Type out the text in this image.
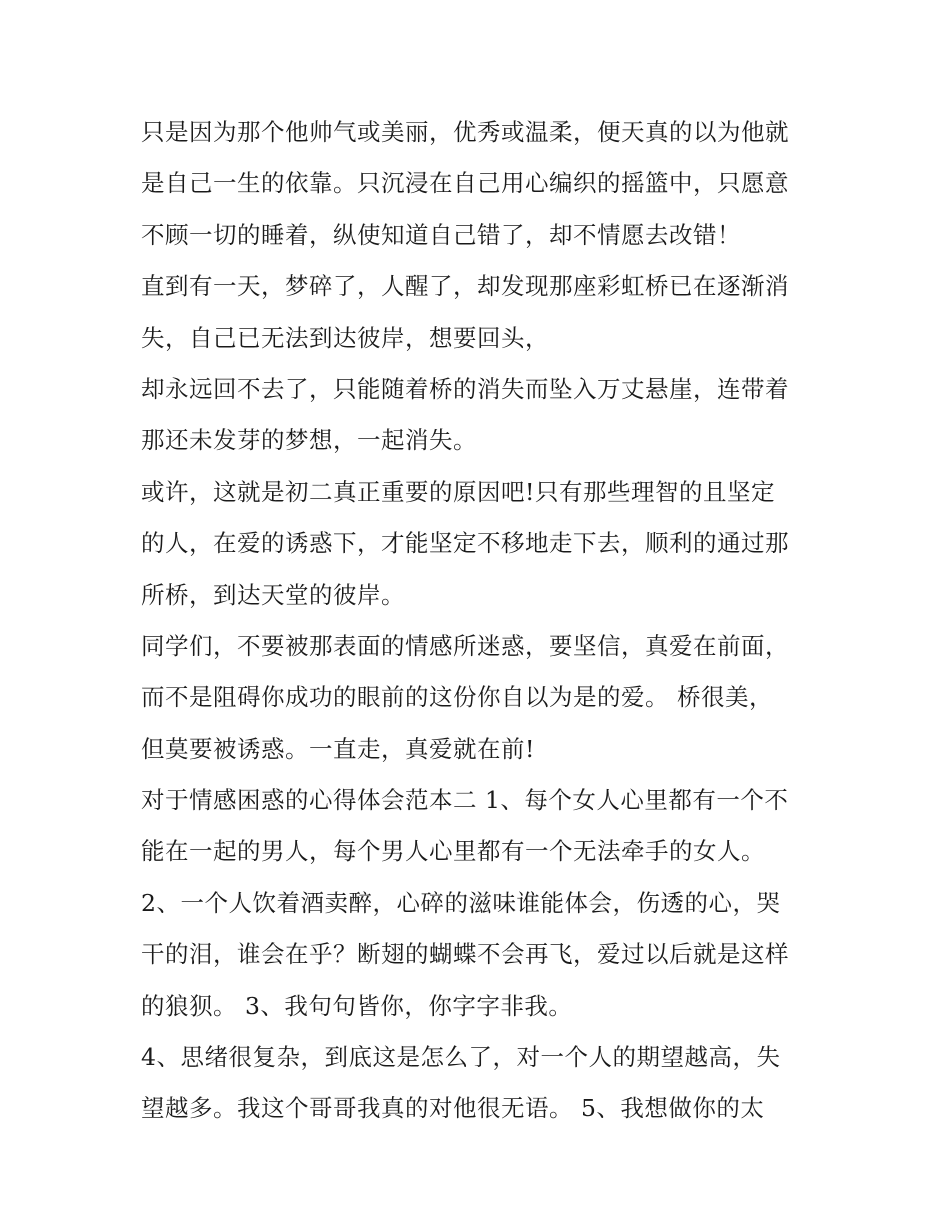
只是因为那个他帅气或美丽，优秀或温柔，便天真的以为他就
是自己一生的依靠。只沉浸在自己用心编织的摇篮中，只愿意
不顾一切的睡着，纵使知道自己错了，却不情愿去改错！
直到有一天，梦碎了，人醒了，却发现那座彩虹桥已在逐渐消
失，自己已无法到达彼岸，想要回头，
却永远回不去了，只能随着桥的消失而坠入万丈悬崖，连带着
那还未发芽的梦想，一起消失。
或许，这就是初二真正重要的原因吧!只有那些理智的且坚定
的人，在爱的诱惑下，才能坚定不移地走下去，顺利的通过那
所桥，到达天堂的彼岸。
同学们，不要被那表面的情感所迷惑，要坚信，真爱在前面，
而不是阻碍你成功的眼前的这份你自以为是的爱。 桥很美，
但莫要被诱惑。一直走，真爱就在前!
对于情感困惑的心得体会范本二 1、每个女人心里都有一个不
能在一起的男人，每个男人心里都有一个无法牵手的女人。
2、一个人饮着酒卖醉，心碎的滋味谁能体会，伤透的心，哭
干的泪，谁会在乎？断翅的蝴蝶不会再飞，爱过以后就是这样
的狼狈。 3、我句句皆你，你字字非我。
4、思绪很复杂，到底这是怎么了，对一个人的期望越高，失
望越多。我这个哥哥我真的对他很无语。 5、我想做你的太
